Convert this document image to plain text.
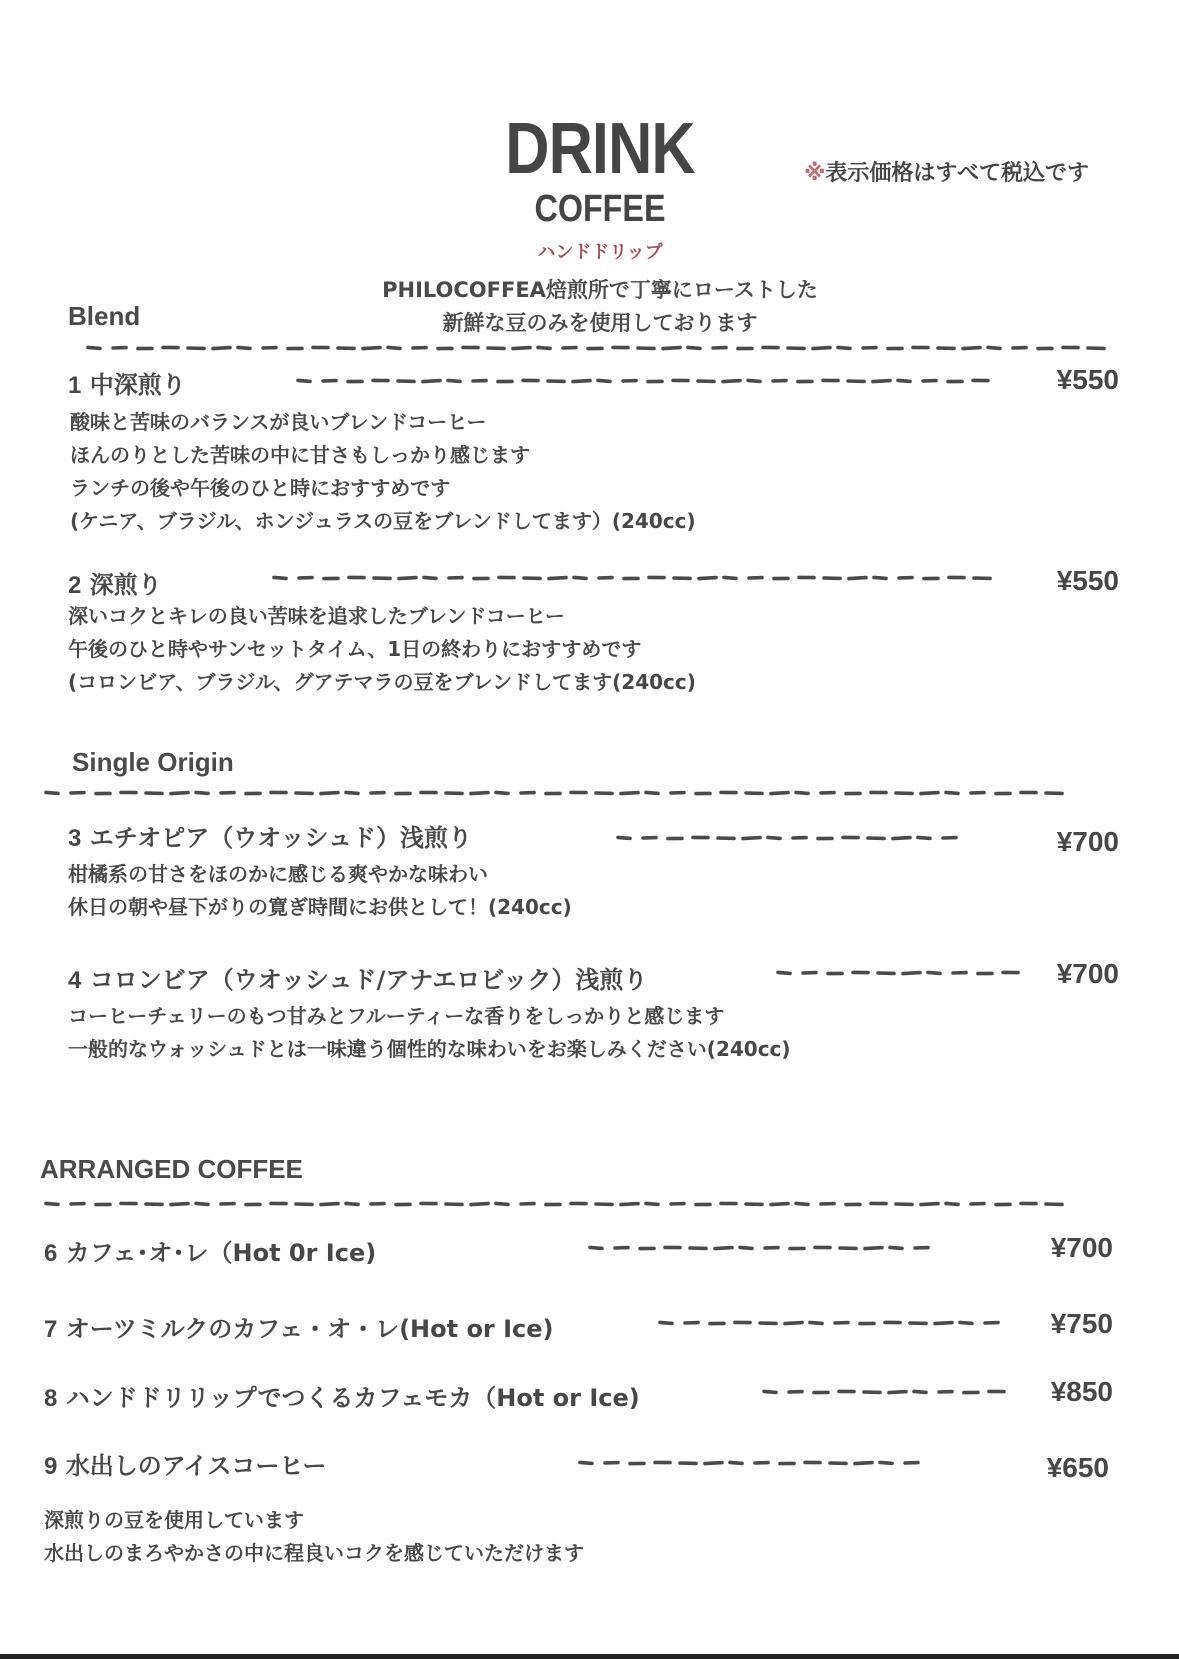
DRINK
COFFEE
ハンドドリップ
※表示価格はすべて税込です
PHILOCOFFEA焙煎所で丁寧にローストした
新鮮な豆のみを使用しております
Blend
1 中深煎り	¥550
酸味と苦味のバランスが良いブレンドコーヒー
ほんのりとした苦味の中に甘さもしっかり感じます
ランチの後や午後のひと時におすすめです
(ケニア、ブラジル、ホンジュラスの豆をブレンドしてます）(240cc)
2 深煎り	¥550
深いコクとキレの良い苦味を追求したブレンドコーヒー
午後のひと時やサンセットタイム、1日の終わりにおすすめです
(コロンビア、ブラジル、グアテマラの豆をブレンドしてます(240cc)
Single Origin
3 エチオピア（ウオッシュド）浅煎り	¥700
柑橘系の甘さをほのかに感じる爽やかな味わい
休日の朝や昼下がりの寛ぎ時間にお供として！(240cc)
4 コロンビア（ウオッシュド/アナエロビック）浅煎り	¥700
コーヒーチェリーのもつ甘みとフルーティーな香りをしっかりと感じます
一般的なウォッシュドとは一味違う個性的な味わいをお楽しみください(240cc)
ARRANGED COFFEE
6 カフェ･オ･レ（Hot 0r Ice)	¥700
7 オーツミルクのカフェ・オ・レ(Hot or Ice)	¥750
8 ハンドドリリップでつくるカフェモカ（Hot or Ice)	¥850
9 水出しのアイスコーヒー	¥650
深煎りの豆を使用しています
水出しのまろやかさの中に程良いコクを感じていただけます
